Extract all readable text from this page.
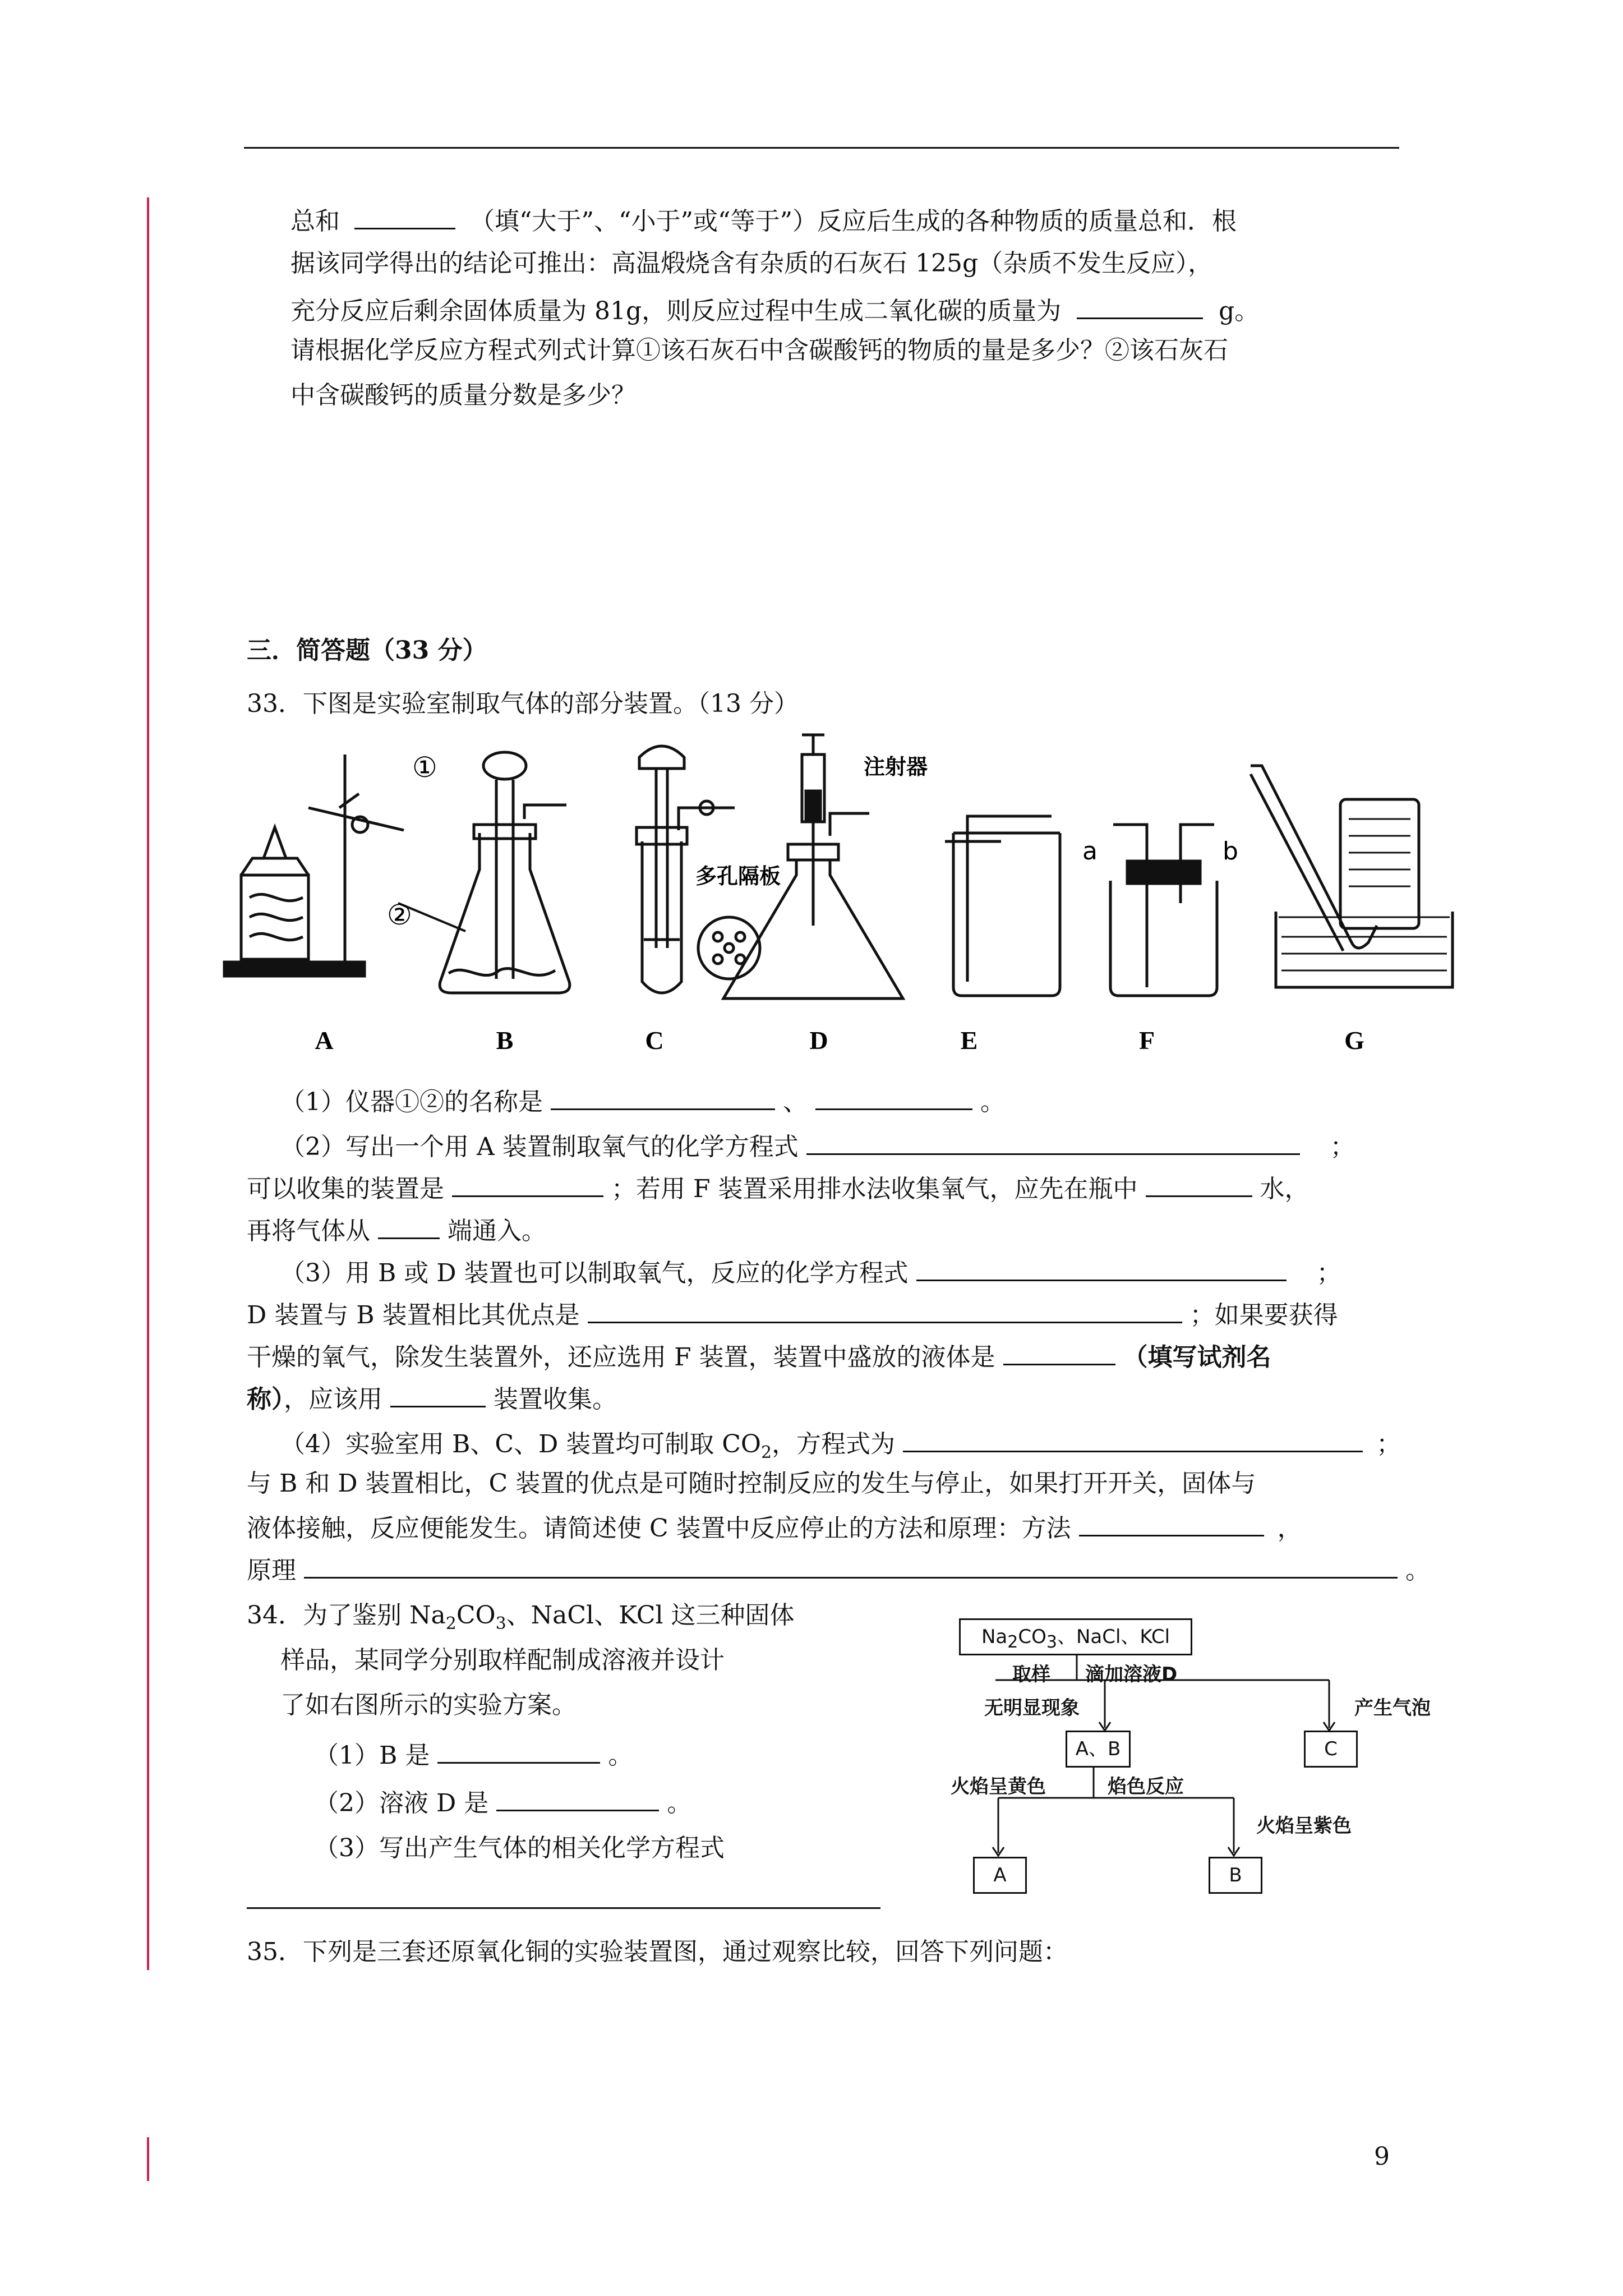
总和	（填“大于”、“小于”或“等于”）反应后生成的各种物质的质量总和．根
据该同学得出的结论可推出：高温煅烧含有杂质的石灰石 125g（杂质不发生反应），
充分反应后剩余固体质量为 81g，则反应过程中生成二氧化碳的质量为	g。
请根据化学反应方程式列式计算①该石灰石中含碳酸钙的物质的量是多少？②该石灰石
中含碳酸钙的质量分数是多少？
三．简答题（33 分）
33．下图是实验室制取气体的部分装置。（13 分）
①
②
注射器
多孔隔板
a	b
A	B	C	D	E	F	G
（1）仪器①②的名称是	、	。
（2）写出一个用 A 装置制取氧气的化学方程式	；
可以收集的装置是	；若用 F 装置采用排水法收集氧气，应先在瓶中	水，
再将气体从	端通入。
（3）用 B 或 D 装置也可以制取氧气，反应的化学方程式	；
D 装置与 B 装置相比其优点是	；如果要获得
干燥的氧气，除发生装置外，还应选用 F 装置，装置中盛放的液体是	（填写试剂名
称），应该用	装置收集。
（4）实验室用 B、C、D 装置均可制取 $CO_2$，方程式为	；
与 B 和 D 装置相比，C 装置的优点是可随时控制反应的发生与停止，如果打开开关，固体与
液体接触，反应便能发生。请简述使 C 装置中反应停止的方法和原理：方法	，
原理	。
34．为了鉴别 $Na_2CO_3$、NaCl、KCl 这三种固体
样品，某同学分别取样配制成溶液并设计
了如右图所示的实验方案。
（1）B 是	。
（2）溶液 D 是	。
（3）写出产生气体的相关化学方程式
$Na_2CO_3$、NaCl、KCl
取样 滴加溶液D
无明显现象	产生气泡
A、B	C
火焰呈黄色	焰色反应
火焰呈紫色
A	B
35．下列是三套还原氧化铜的实验装置图，通过观察比较，回答下列问题：
9
